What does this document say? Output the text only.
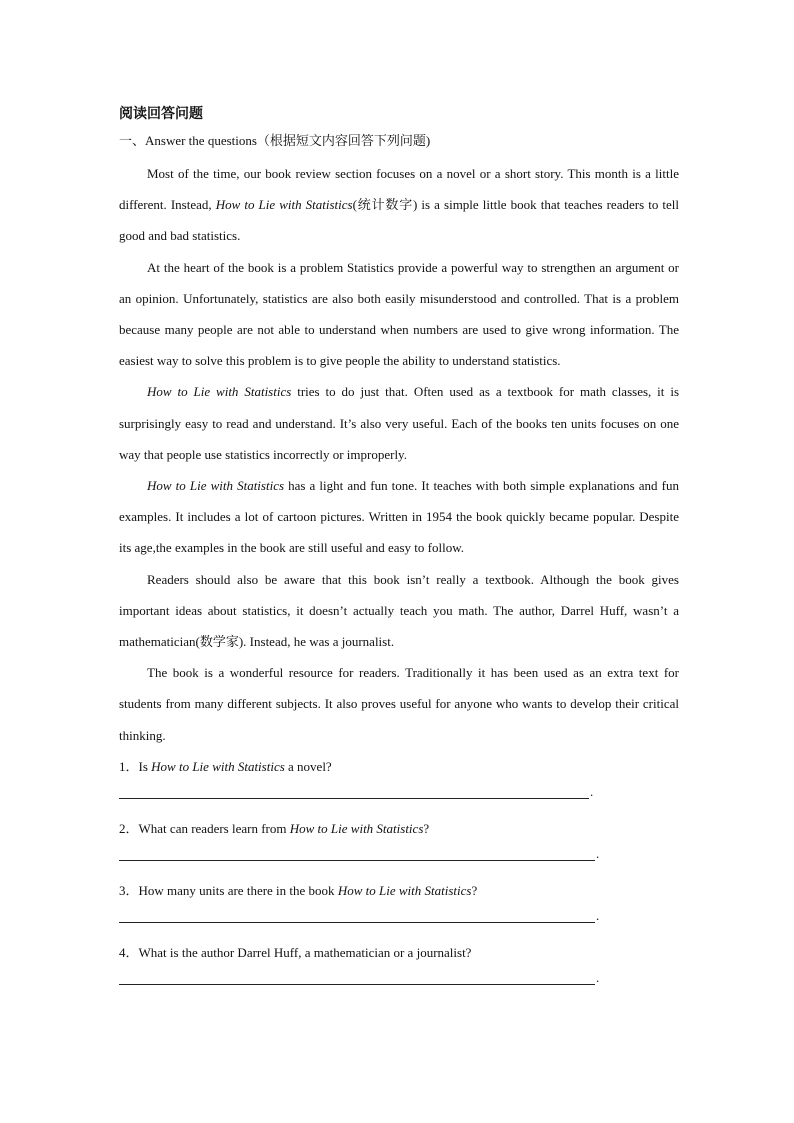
阅读回答问题
一、Answer the questions（根据短文内容回答下列问题)

Most of the time, our book review section focuses on a novel or a short story. This month is a little different. Instead, How to Lie with Statistics(统计数字) is a simple little book that teaches readers to tell good and bad statistics.

At the heart of the book is a problem Statistics provide a powerful way to strengthen an argument or an opinion. Unfortunately, statistics are also both easily misunderstood and controlled. That is a problem because many people are not able to understand when numbers are used to give wrong information. The easiest way to solve this problem is to give people the ability to understand statistics.

How to Lie with Statistics tries to do just that. Often used as a textbook for math classes, it is surprisingly easy to read and understand. It’s also very useful. Each of the books ten units focuses on one way that people use statistics incorrectly or improperly.

How to Lie with Statistics has a light and fun tone. It teaches with both simple explanations and fun examples. It includes a lot of cartoon pictures. Written in 1954 the book quickly became popular. Despite its age,the examples in the book are still useful and easy to follow.

Readers should also be aware that this book isn’t really a textbook. Although the book gives important ideas about statistics, it doesn’t actually teach you math. The author, Darrel Huff, wasn’t a mathematician(数学家). Instead, he was a journalist.

The book is a wonderful resource for readers. Traditionally it has been used as an extra text for students from many different subjects. It also proves useful for anyone who wants to develop their critical thinking.

1．Is How to Lie with Statistics a novel?
.
2．What can readers learn from How to Lie with Statistics?
.
3．How many units are there in the book How to Lie with Statistics?
.
4．What is the author Darrel Huff, a mathematician or a journalist?
.
